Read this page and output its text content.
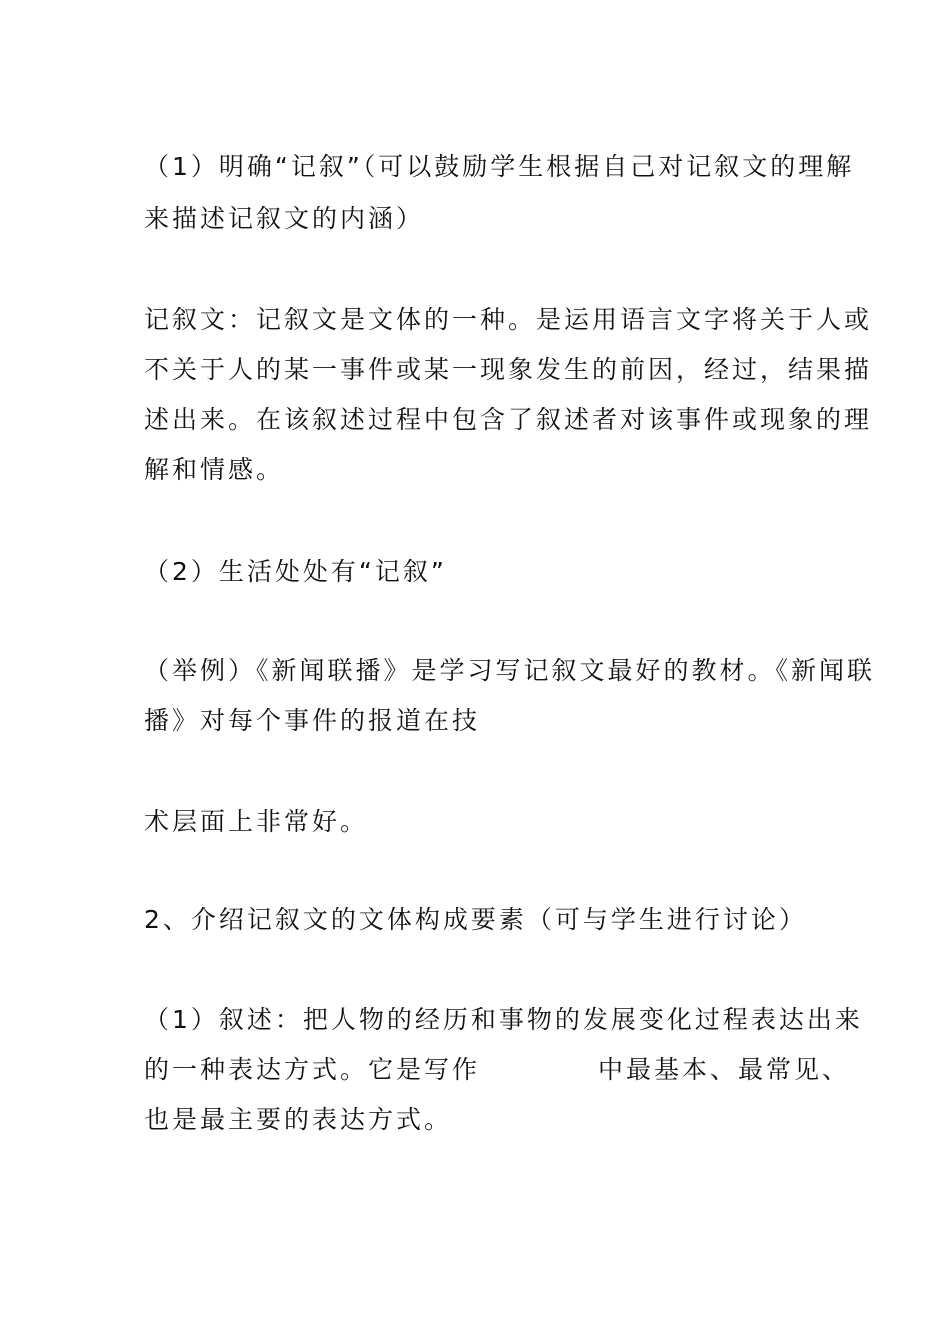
（1）明确“记叙”（可以鼓励学生根据自己对记叙文的理解
来描述记叙文的内涵）
记叙文：记叙文是文体的一种。是运用语言文字将关于人或
不关于人的某一事件或某一现象发生的前因，经过，结果描
述出来。在该叙述过程中包含了叙述者对该事件或现象的理
解和情感。
（2）生活处处有“记叙”
（举例）《新闻联播》是学习写记叙文最好的教材。《新闻联
播》对每个事件的报道在技
术层面上非常好。
2、介绍记叙文的文体构成要素（可与学生进行讨论）
（1）叙述：把人物的经历和事物的发展变化过程表达出来
的一种表达方式。它是写作	中最基本、最常见、
也是最主要的表达方式。
